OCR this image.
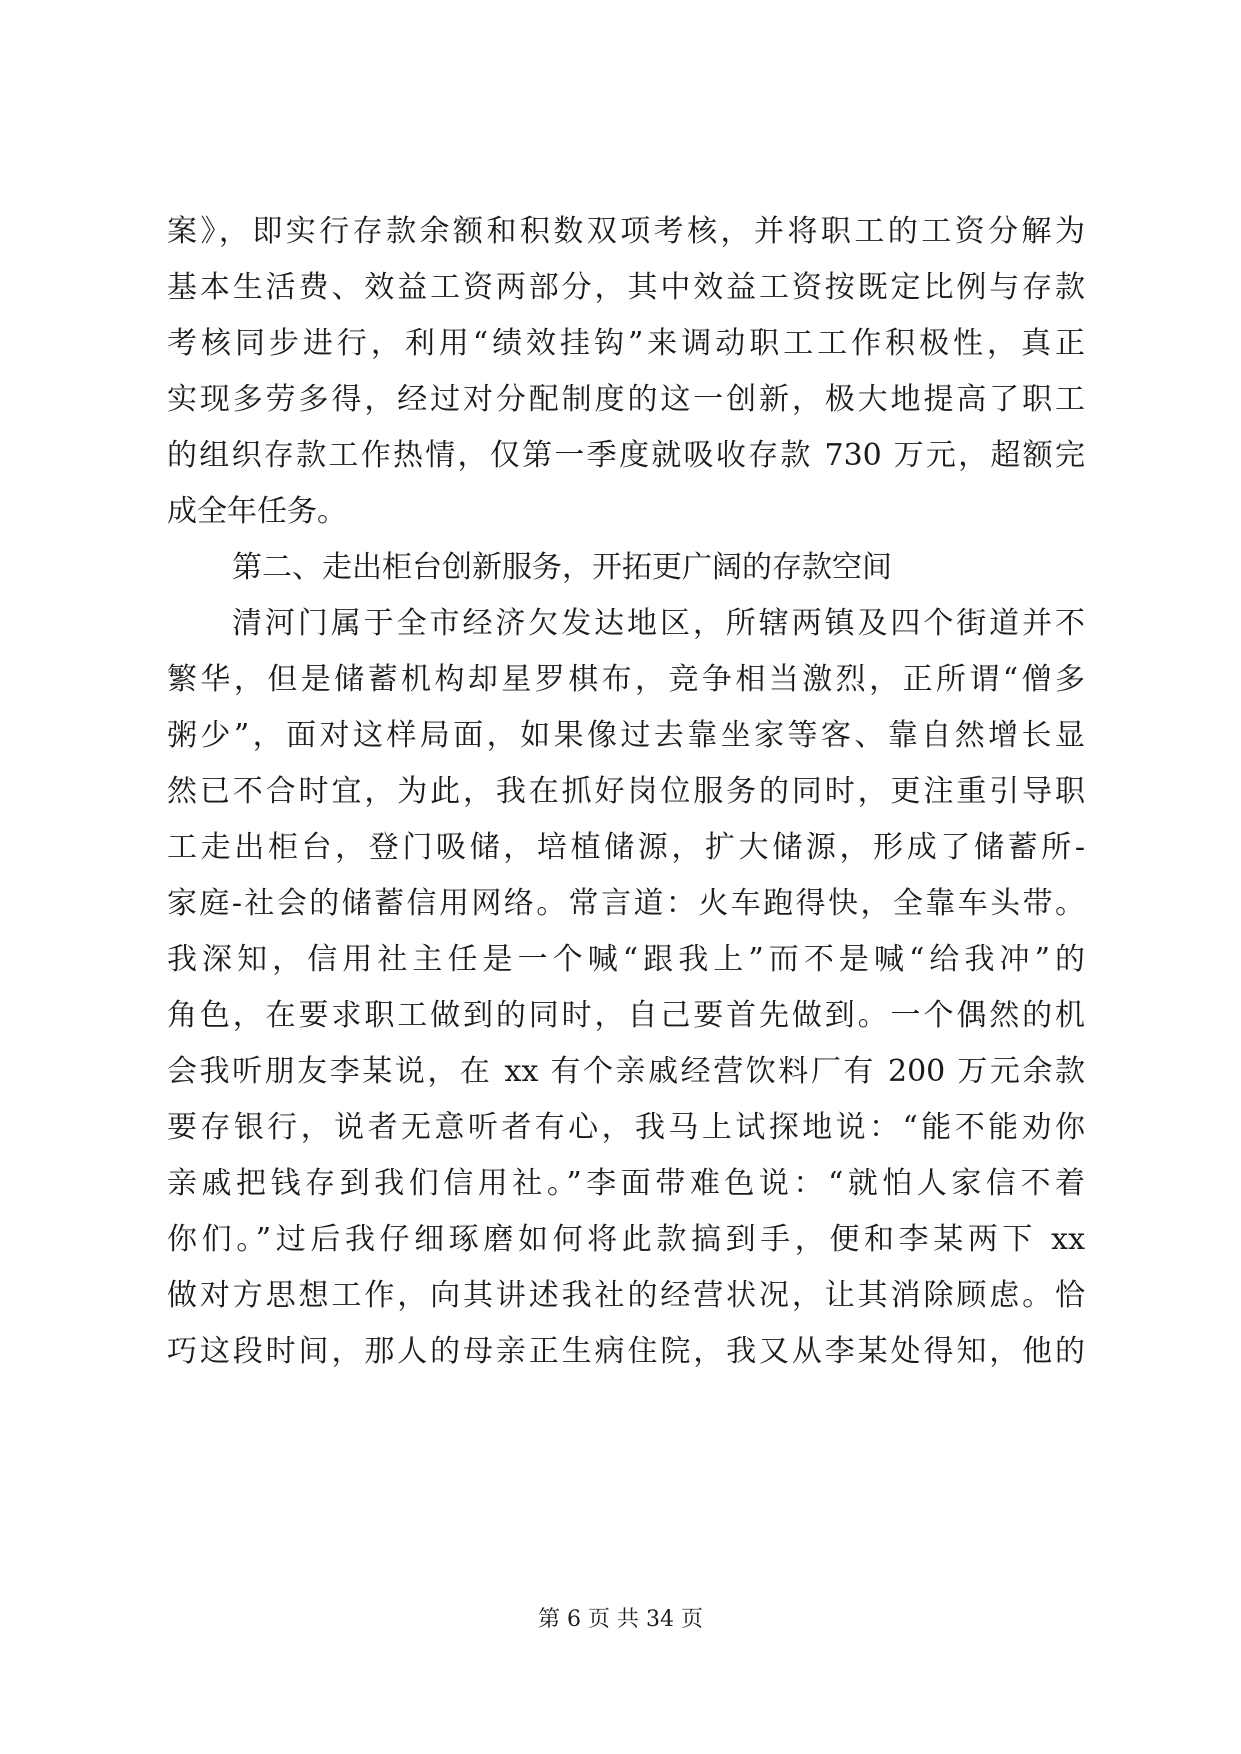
案》，即实行存款余额和积数双项考核，并将职工的工资分解为
基本生活费、效益工资两部分，其中效益工资按既定比例与存款
考核同步进行，利用“绩效挂钩”来调动职工工作积极性，真正
实现多劳多得，经过对分配制度的这一创新，极大地提高了职工
的组织存款工作热情，仅第一季度就吸收存款 730 万元，超额完
成全年任务。
第二、走出柜台创新服务，开拓更广阔的存款空间
清河门属于全市经济欠发达地区，所辖两镇及四个街道并不
繁华，但是储蓄机构却星罗棋布，竞争相当激烈，正所谓“僧多
粥少”，面对这样局面，如果像过去靠坐家等客、靠自然增长显
然已不合时宜，为此，我在抓好岗位服务的同时，更注重引导职
工走出柜台，登门吸储，培植储源，扩大储源，形成了储蓄所-
家庭-社会的储蓄信用网络。常言道：火车跑得快，全靠车头带。
我深知，信用社主任是一个喊“跟我上”而不是喊“给我冲”的
角色，在要求职工做到的同时，自己要首先做到。一个偶然的机
会我听朋友李某说，在 xx 有个亲戚经营饮料厂有 200 万元余款
要存银行，说者无意听者有心，我马上试探地说：“能不能劝你
亲戚把钱存到我们信用社。”李面带难色说：“就怕人家信不着
你们。”过后我仔细琢磨如何将此款搞到手，便和李某两下 xx
做对方思想工作，向其讲述我社的经营状况，让其消除顾虑。恰
巧这段时间，那人的母亲正生病住院，我又从李某处得知，他的
第 6 页 共 34 页
